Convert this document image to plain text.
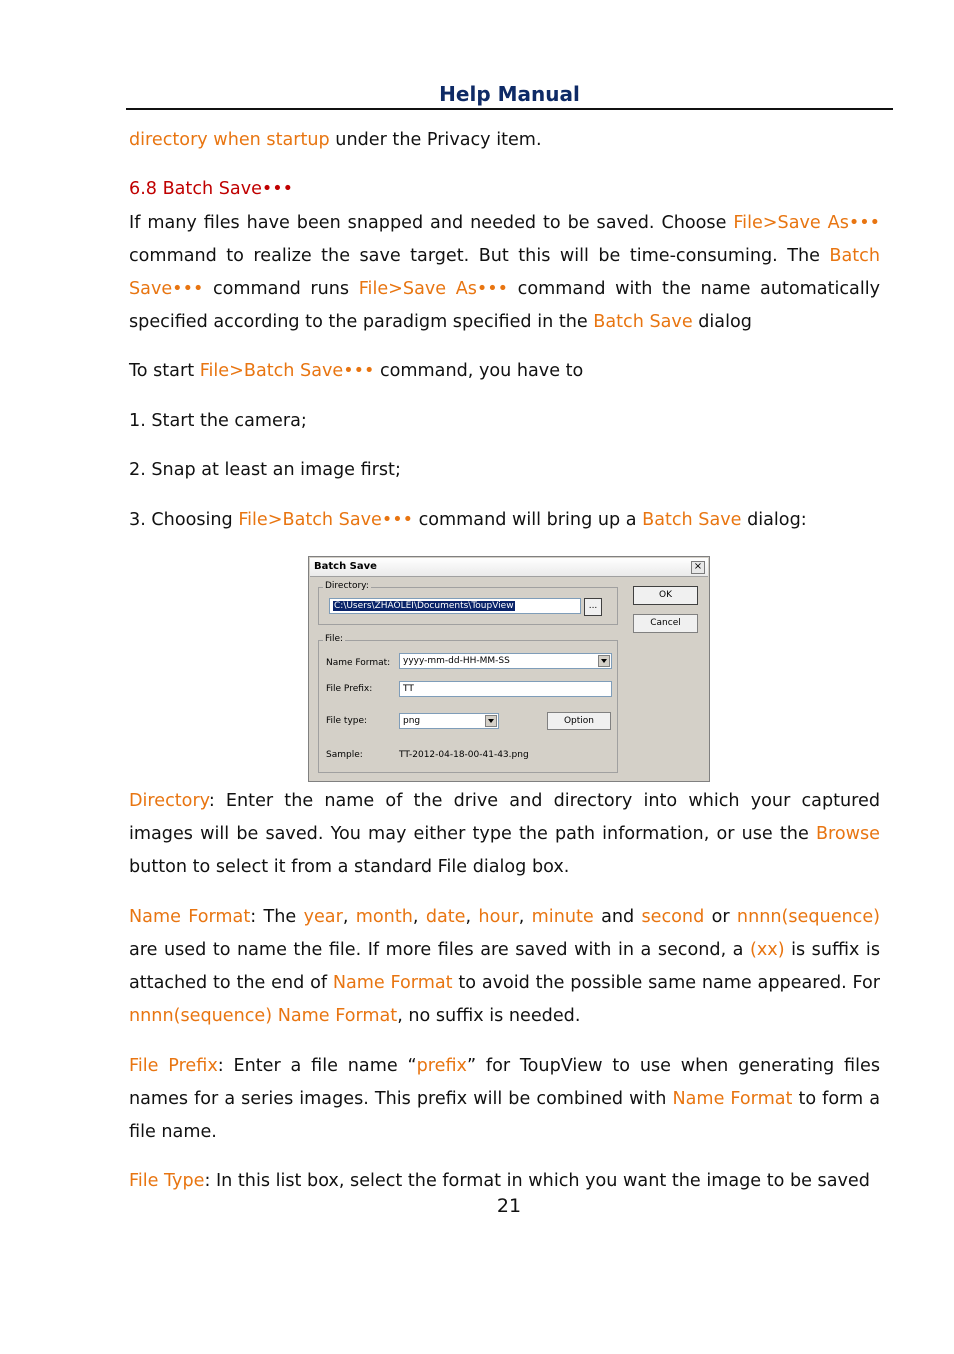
Help Manual

directory when startup under the Privacy item.

6.8 Batch Save•••

If many files have been snapped and needed to be saved. Choose File>Save As••• command to realize the save target. But this will be time-consuming. The Batch Save••• command runs File>Save As••• command with the name automatically specified according to the paradigm specified in the Batch Save dialog

To start File>Batch Save••• command, you have to

1. Start the camera;

2. Snap at least an image first;

3. Choosing File>Batch Save••• command will bring up a Batch Save dialog:

Batch Save	×
Directory:
C:\Users\ZHAOLEI\Documents\ToupView	...
OK
Cancel
File:
Name Format:	yyyy-mm-dd-HH-MM-SS
File Prefix:	TT
File type:	png	Option
Sample:	TT-2012-04-18-00-41-43.png

Directory: Enter the name of the drive and directory into which your captured images will be saved. You may either type the path information, or use the Browse button to select it from a standard File dialog box.

Name Format: The year, month, date, hour, minute and second or nnnn(sequence) are used to name the file. If more files are saved with in a second, a (xx) is suffix is attached to the end of Name Format to avoid the possible same name appeared. For nnnn(sequence) Name Format, no suffix is needed.

File Prefix: Enter a file name “prefix” for ToupView to use when generating files names for a series images. This prefix will be combined with Name Format to form a file name.

File Type: In this list box, select the format in which you want the image to be saved

21
